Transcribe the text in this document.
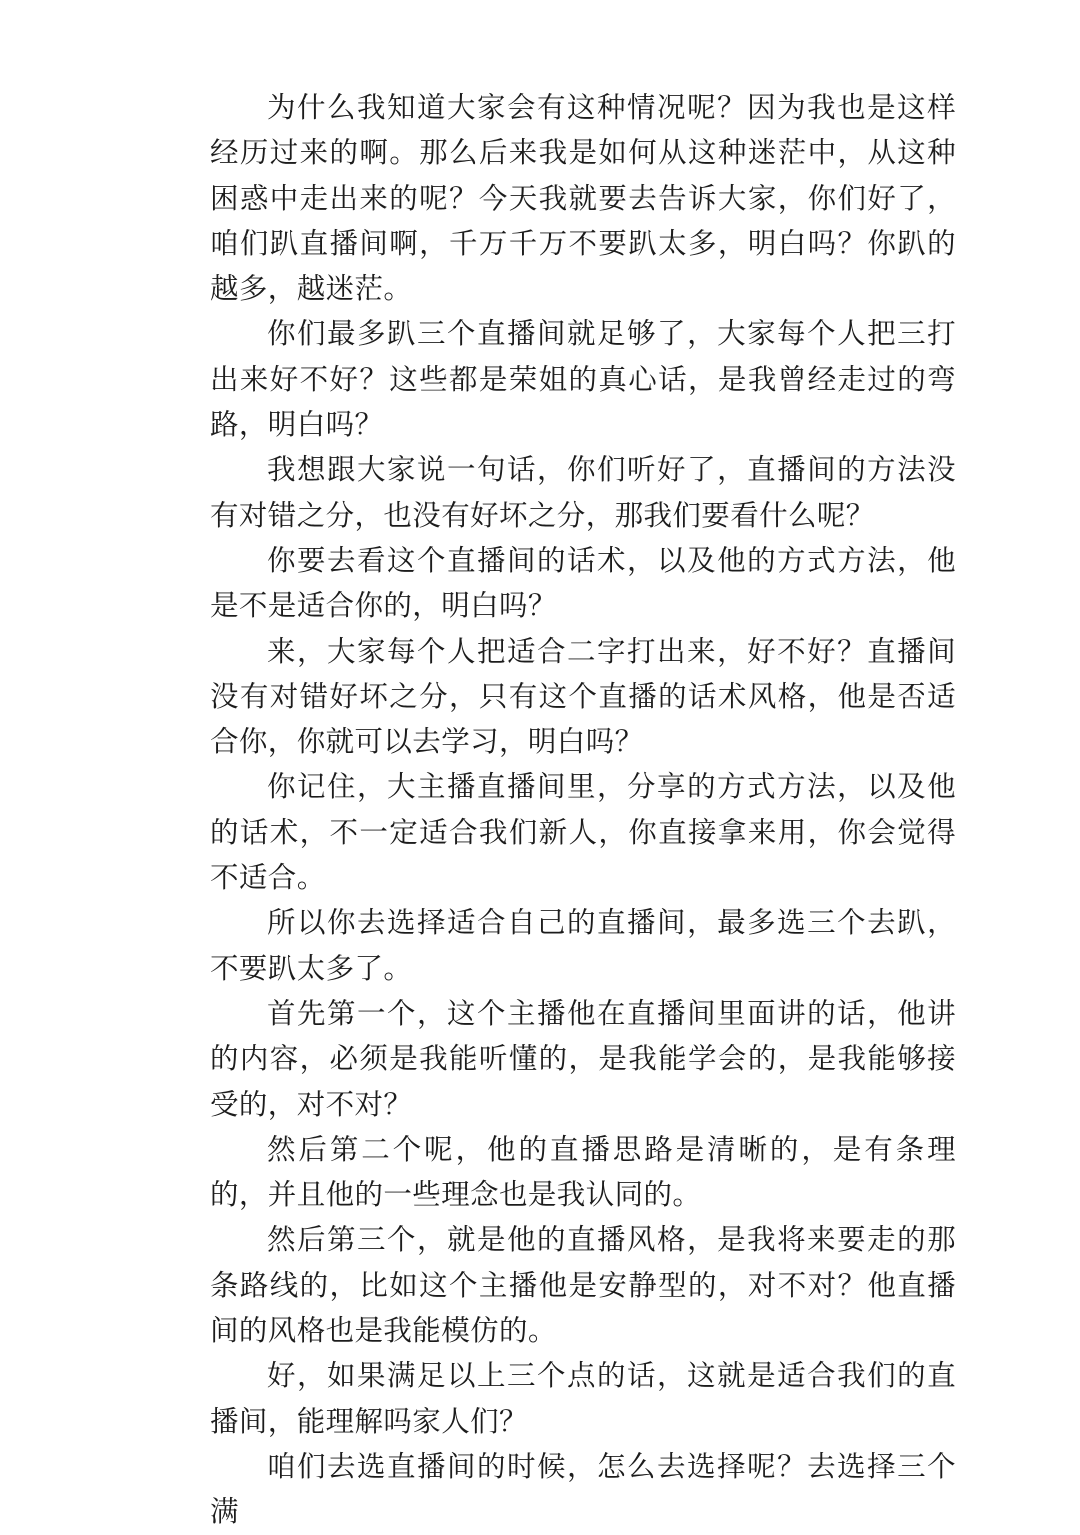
为什么我知道大家会有这种情况呢？因为我也是这样经历过来的啊。那么后来我是如何从这种迷茫中，从这种困惑中走出来的呢？今天我就要去告诉大家，你们好了，咱们趴直播间啊，千万千万不要趴太多，明白吗？你趴的越多，越迷茫。

你们最多趴三个直播间就足够了，大家每个人把三打出来好不好？这些都是荣姐的真心话，是我曾经走过的弯路，明白吗？

我想跟大家说一句话，你们听好了，直播间的方法没有对错之分，也没有好坏之分，那我们要看什么呢？

你要去看这个直播间的话术，以及他的方式方法，他是不是适合你的，明白吗？

来，大家每个人把适合二字打出来，好不好？直播间没有对错好坏之分，只有这个直播的话术风格，他是否适合你，你就可以去学习，明白吗？

你记住，大主播直播间里，分享的方式方法，以及他的话术，不一定适合我们新人，你直接拿来用，你会觉得不适合。

所以你去选择适合自己的直播间，最多选三个去趴，不要趴太多了。

首先第一个，这个主播他在直播间里面讲的话，他讲的内容，必须是我能听懂的，是我能学会的，是我能够接受的，对不对？

然后第二个呢，他的直播思路是清晰的，是有条理的，并且他的一些理念也是我认同的。

然后第三个，就是他的直播风格，是我将来要走的那条路线的，比如这个主播他是安静型的，对不对？他直播间的风格也是我能模仿的。

好，如果满足以上三个点的话，这就是适合我们的直播间，能理解吗家人们？

咱们去选直播间的时候，怎么去选择呢？去选择三个满
